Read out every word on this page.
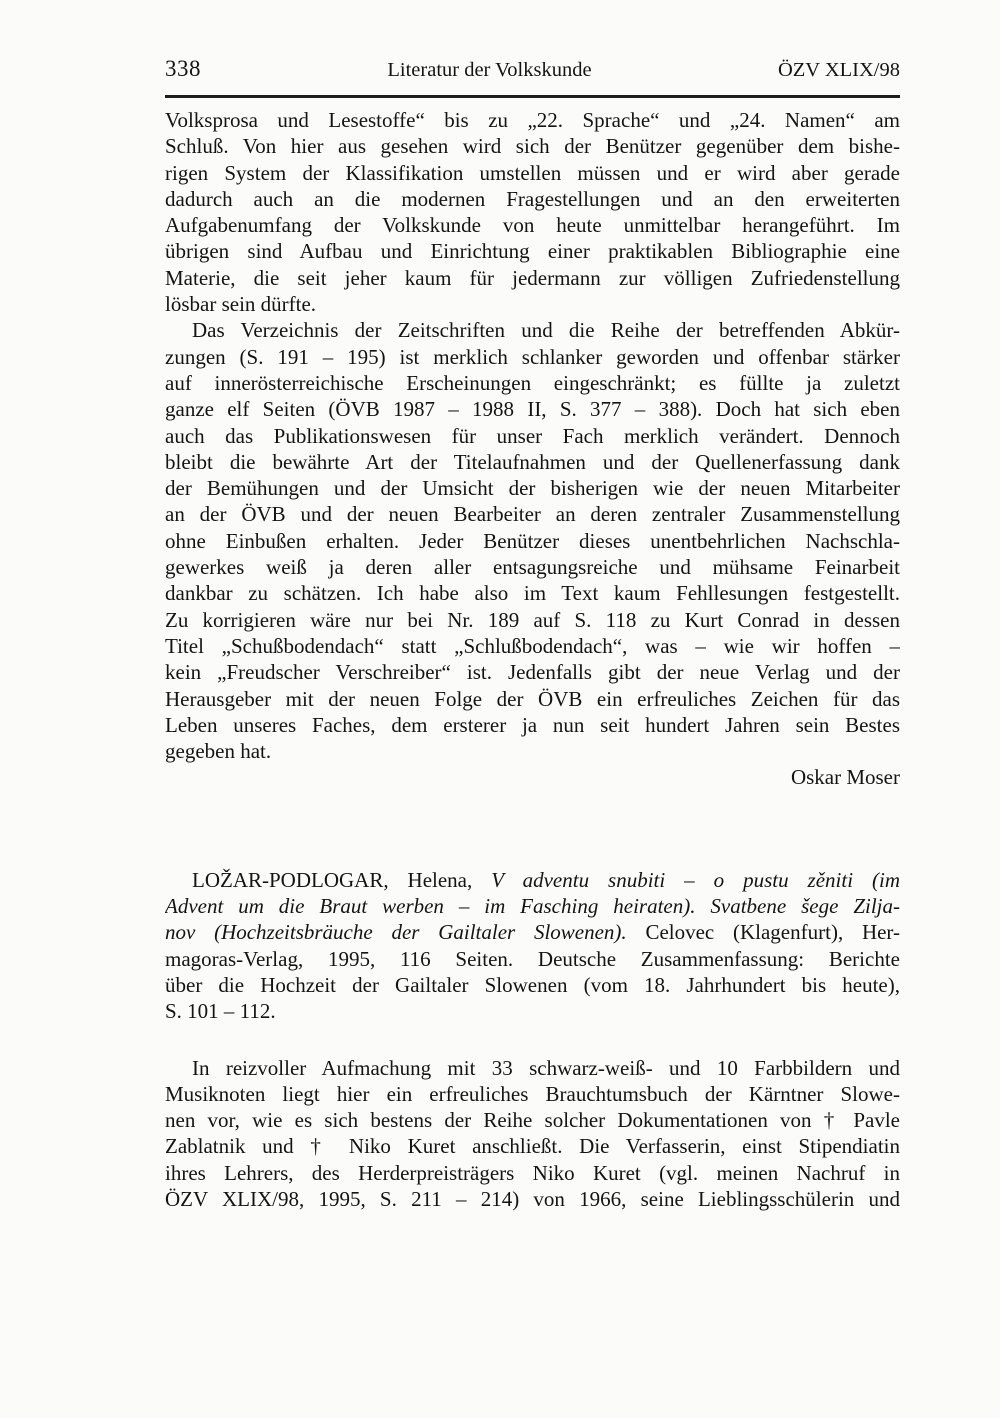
338	Literatur der Volkskunde	ÖZV XLIX/98
Volksprosa und Lesestoffe“ bis zu „22. Sprache“ und „24. Namen“ am
Schluß. Von hier aus gesehen wird sich der Benützer gegenüber dem bishe-
rigen System der Klassifikation umstellen müssen und er wird aber gerade
dadurch auch an die modernen Fragestellungen und an den erweiterten
Aufgabenumfang der Volkskunde von heute unmittelbar herangeführt. Im
übrigen sind Aufbau und Einrichtung einer praktikablen Bibliographie eine
Materie, die seit jeher kaum für jedermann zur völligen Zufriedenstellung
lösbar sein dürfte.
Das Verzeichnis der Zeitschriften und die Reihe der betreffenden Abkür-
zungen (S. 191 – 195) ist merklich schlanker geworden und offenbar stärker
auf innerösterreichische Erscheinungen eingeschränkt; es füllte ja zuletzt
ganze elf Seiten (ÖVB 1987 – 1988 II, S. 377 – 388). Doch hat sich eben
auch das Publikationswesen für unser Fach merklich verändert. Dennoch
bleibt die bewährte Art der Titelaufnahmen und der Quellenerfassung dank
der Bemühungen und der Umsicht der bisherigen wie der neuen Mitarbeiter
an der ÖVB und der neuen Bearbeiter an deren zentraler Zusammenstellung
ohne Einbußen erhalten. Jeder Benützer dieses unentbehrlichen Nachschla-
gewerkes weiß ja deren aller entsagungsreiche und mühsame Feinarbeit
dankbar zu schätzen. Ich habe also im Text kaum Fehllesungen festgestellt.
Zu korrigieren wäre nur bei Nr. 189 auf S. 118 zu Kurt Conrad in dessen
Titel „Schußbodendach“ statt „Schlußbodendach“, was – wie wir hoffen –
kein „Freudscher Verschreiber“ ist. Jedenfalls gibt der neue Verlag und der
Herausgeber mit der neuen Folge der ÖVB ein erfreuliches Zeichen für das
Leben unseres Faches, dem ersterer ja nun seit hundert Jahren sein Bestes
gegeben hat.
Oskar Moser
LOŽAR-PODLOGAR, Helena, V adventu snubiti – o pustu zěniti (im
Advent um die Braut werben – im Fasching heiraten). Svatbene šege Zilja-
nov (Hochzeitsbräuche der Gailtaler Slowenen). Celovec (Klagenfurt), Her-
magoras-Verlag, 1995, 116 Seiten. Deutsche Zusammenfassung: Berichte
über die Hochzeit der Gailtaler Slowenen (vom 18. Jahrhundert bis heute),
S. 101 – 112.
In reizvoller Aufmachung mit 33 schwarz-weiß- und 10 Farbbildern und
Musiknoten liegt hier ein erfreuliches Brauchtumsbuch der Kärntner Slowe-
nen vor, wie es sich bestens der Reihe solcher Dokumentationen von † Pavle
Zablatnik und † Niko Kuret anschließt. Die Verfasserin, einst Stipendiatin
ihres Lehrers, des Herderpreisträgers Niko Kuret (vgl. meinen Nachruf in
ÖZV XLIX/98, 1995, S. 211 – 214) von 1966, seine Lieblingsschülerin und
